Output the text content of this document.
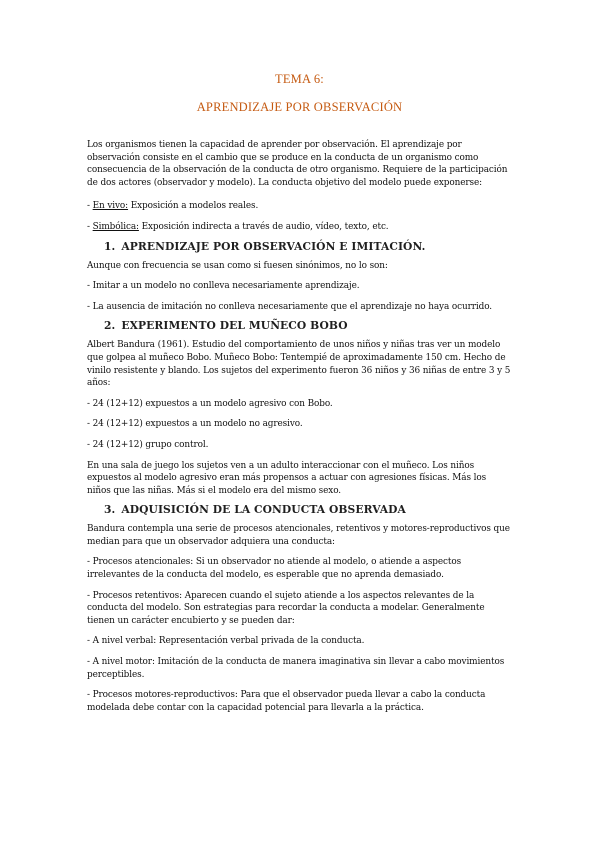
TEMA 6:
APRENDIZAJE POR OBSERVACIÓN

Los organismos tienen la capacidad de aprender por observación. El aprendizaje por observación consiste en el cambio que se produce en la conducta de un organismo como consecuencia de la observación de la conducta de otro organismo. Requiere de la participación de dos actores (observador y modelo). La conducta objetivo del modelo puede exponerse:

- En vivo: Exposición a modelos reales.

- Simbólica: Exposición indirecta a través de audio, vídeo, texto, etc.

1. APRENDIZAJE POR OBSERVACIÓN E IMITACIÓN.

Aunque con frecuencia se usan como si fuesen sinónimos, no lo son:

- Imitar a un modelo no conlleva necesariamente aprendizaje.

- La ausencia de imitación no conlleva necesariamente que el aprendizaje no haya ocurrido.

2. EXPERIMENTO DEL MUÑECO BOBO

Albert Bandura (1961). Estudio del comportamiento de unos niños y niñas tras ver un modelo que golpea al muñeco Bobo. Muñeco Bobo: Tentempié de aproximadamente 150 cm. Hecho de vinilo resistente y blando. Los sujetos del experimento fueron 36 niños y 36 niñas de entre 3 y 5 años:

- 24 (12+12) expuestos a un modelo agresivo con Bobo.

- 24 (12+12) expuestos a un modelo no agresivo.

- 24 (12+12) grupo control.

En una sala de juego los sujetos ven a un adulto interaccionar con el muñeco. Los niños expuestos al modelo agresivo eran más propensos a actuar con agresiones físicas. Más los niños que las niñas. Más si el modelo era del mismo sexo.

3. ADQUISICIÓN DE LA CONDUCTA OBSERVADA

Bandura contempla una serie de procesos atencionales, retentivos y motores-reproductivos que median para que un observador adquiera una conducta:

- Procesos atencionales: Si un observador no atiende al modelo, o atiende a aspectos irrelevantes de la conducta del modelo, es esperable que no aprenda demasiado.

- Procesos retentivos: Aparecen cuando el sujeto atiende a los aspectos relevantes de la conducta del modelo. Son estrategias para recordar la conducta a modelar. Generalmente tienen un carácter encubierto y se pueden dar:

- A nivel verbal: Representación verbal privada de la conducta.

- A nivel motor: Imitación de la conducta de manera imaginativa sin llevar a cabo movimientos perceptibles.

- Procesos motores-reproductivos: Para que el observador pueda llevar a cabo la conducta modelada debe contar con la capacidad potencial para llevarla a la práctica.
